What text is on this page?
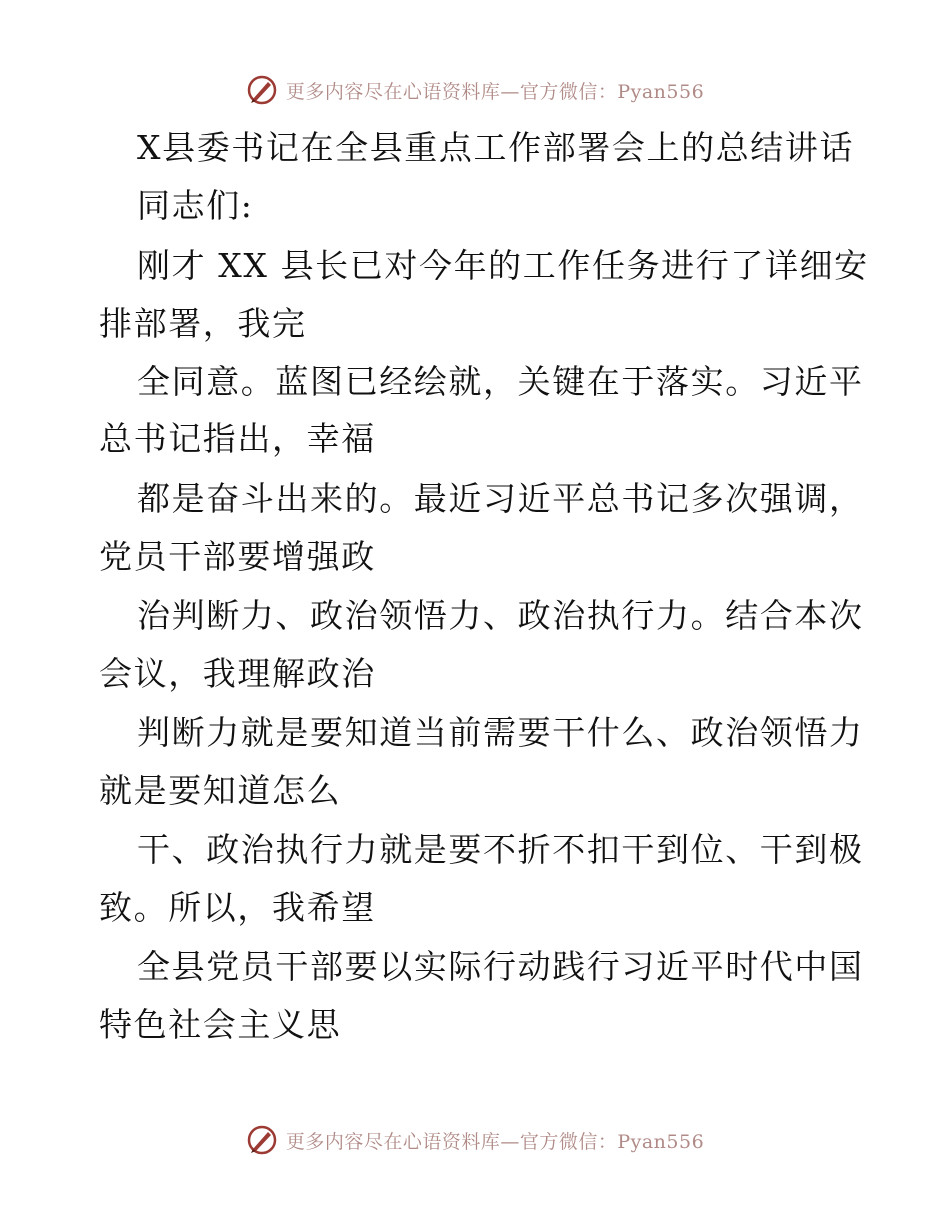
更多内容尽在心语资料库—官方微信：Pyan556
X县委书记在全县重点工作部署会上的总结讲话
同志们:
刚才 XX 县长已对今年的工作任务进行了详细安
排部署，我完
全同意。蓝图已经绘就，关键在于落实。习近平
总书记指出，幸福
都是奋斗出来的。最近习近平总书记多次强调，
党员干部要增强政
治判断力、政治领悟力、政治执行力。结合本次
会议，我理解政治
判断力就是要知道当前需要干什么、政治领悟力
就是要知道怎么
干、政治执行力就是要不折不扣干到位、干到极
致。所以，我希望
全县党员干部要以实际行动践行习近平时代中国
特色社会主义思
更多内容尽在心语资料库—官方微信：Pyan556
